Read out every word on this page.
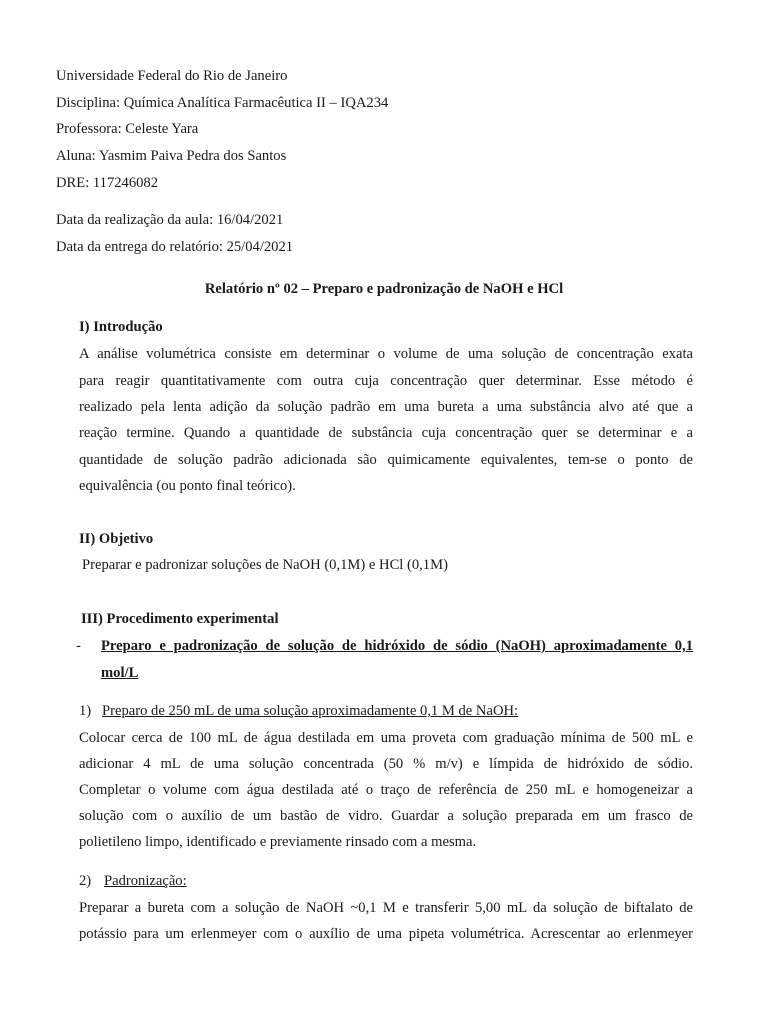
Universidade Federal do Rio de Janeiro
Disciplina: Química Analítica Farmacêutica II – IQA234
Professora: Celeste Yara
Aluna: Yasmim Paiva Pedra dos Santos
DRE: 117246082
Data da realização da aula: 16/04/2021
Data da entrega do relatório: 25/04/2021
Relatório nº 02 – Preparo e padronização de NaOH e HCl
I) Introdução
A análise volumétrica consiste em determinar o volume de uma solução de concentração exata
para reagir quantitativamente com outra cuja concentração quer determinar. Esse método é
realizado pela lenta adição da solução padrão em uma bureta a uma substância alvo até que a
reação termine. Quando a quantidade de substância cuja concentração quer se determinar e a
quantidade de solução padrão adicionada são quimicamente equivalentes, tem-se o ponto de
equivalência (ou ponto final teórico).
II) Objetivo
Preparar e padronizar soluções de NaOH (0,1M) e HCl (0,1M)
III) Procedimento experimental
- Preparo e padronização de solução de hidróxido de sódio (NaOH) aproximadamente 0,1
mol/L
1) Preparo de 250 mL de uma solução aproximadamente 0,1 M de NaOH:
Colocar cerca de 100 mL de água destilada em uma proveta com graduação mínima de 500 mL e
adicionar 4 mL de uma solução concentrada (50 % m/v) e límpida de hidróxido de sódio.
Completar o volume com água destilada até o traço de referência de 250 mL e homogeneizar a
solução com o auxílio de um bastão de vidro. Guardar a solução preparada em um frasco de
polietileno limpo, identificado e previamente rinsado com a mesma.
2) Padronização:
Preparar a bureta com a solução de NaOH ~0,1 M e transferir 5,00 mL da solução de biftalato de
potássio para um erlenmeyer com o auxílio de uma pipeta volumétrica. Acrescentar ao erlenmeyer
